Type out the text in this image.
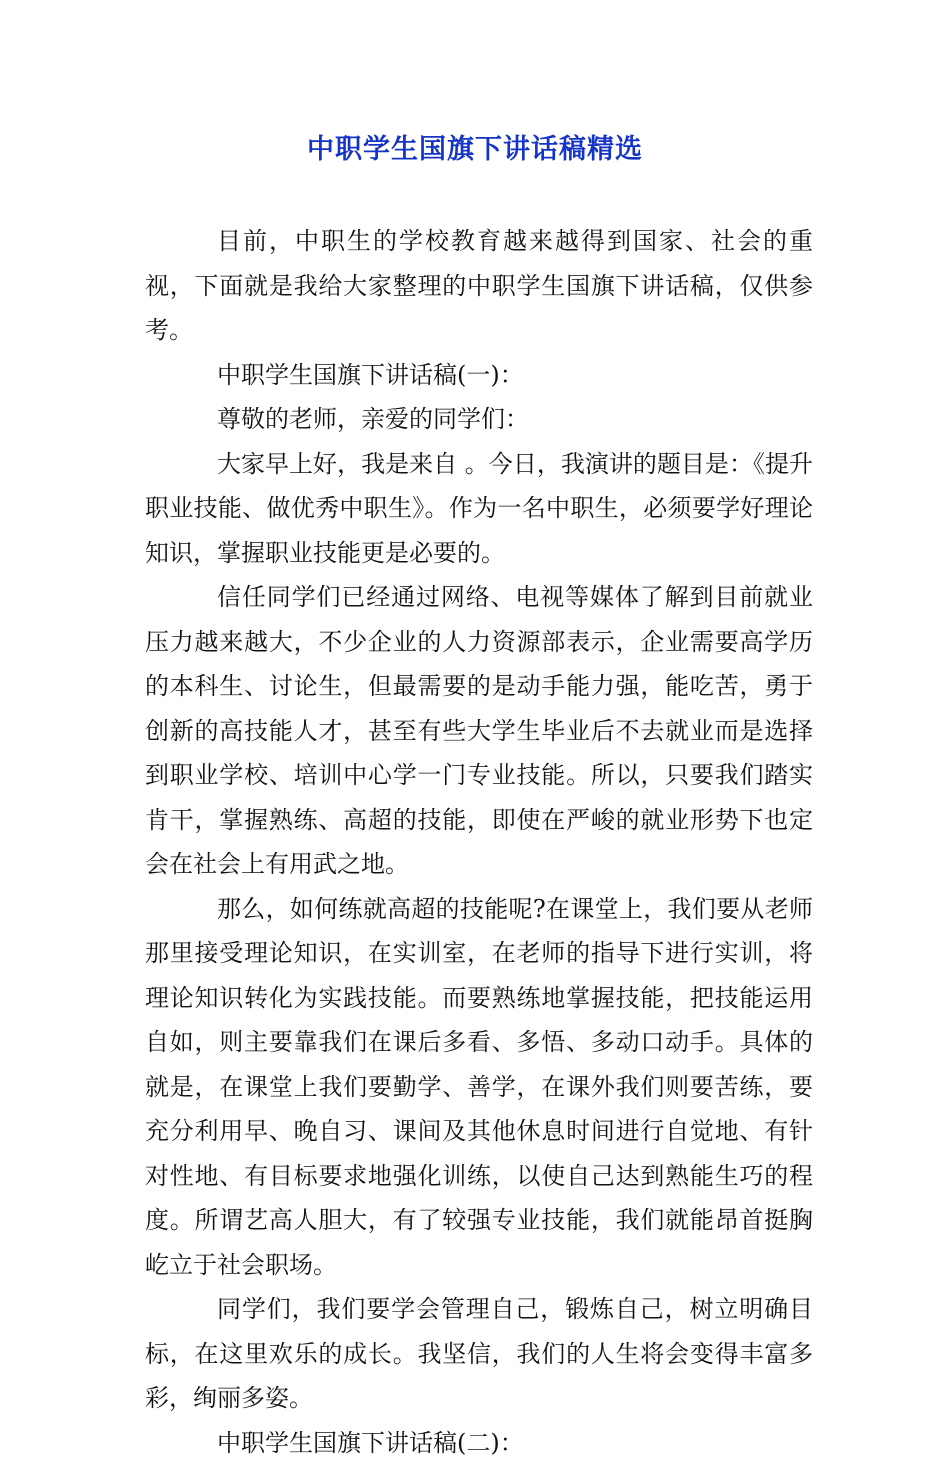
中职学生国旗下讲话稿精选

目前，中职生的学校教育越来越得到国家、社会的重视，下面就是我给大家整理的中职学生国旗下讲话稿，仅供参考。

中职学生国旗下讲话稿(一)：

尊敬的老师，亲爱的同学们：

大家早上好，我是来自 。今日，我演讲的题目是：《提升职业技能、做优秀中职生》。作为一名中职生，必须要学好理论知识，掌握职业技能更是必要的。

信任同学们已经通过网络、电视等媒体了解到目前就业压力越来越大，不少企业的人力资源部表示，企业需要高学历的本科生、讨论生，但最需要的是动手能力强，能吃苦，勇于创新的高技能人才，甚至有些大学生毕业后不去就业而是选择到职业学校、培训中心学一门专业技能。所以，只要我们踏实肯干，掌握熟练、高超的技能，即使在严峻的就业形势下也定会在社会上有用武之地。

那么，如何练就高超的技能呢?在课堂上，我们要从老师那里接受理论知识，在实训室，在老师的指导下进行实训，将理论知识转化为实践技能。而要熟练地掌握技能，把技能运用自如，则主要靠我们在课后多看、多悟、多动口动手。具体的就是，在课堂上我们要勤学、善学，在课外我们则要苦练，要充分利用早、晚自习、课间及其他休息时间进行自觉地、有针对性地、有目标要求地强化训练，以使自己达到熟能生巧的程度。所谓艺高人胆大，有了较强专业技能，我们就能昂首挺胸屹立于社会职场。

同学们，我们要学会管理自己，锻炼自己，树立明确目标，在这里欢乐的成长。我坚信，我们的人生将会变得丰富多彩，绚丽多姿。

中职学生国旗下讲话稿(二)：
